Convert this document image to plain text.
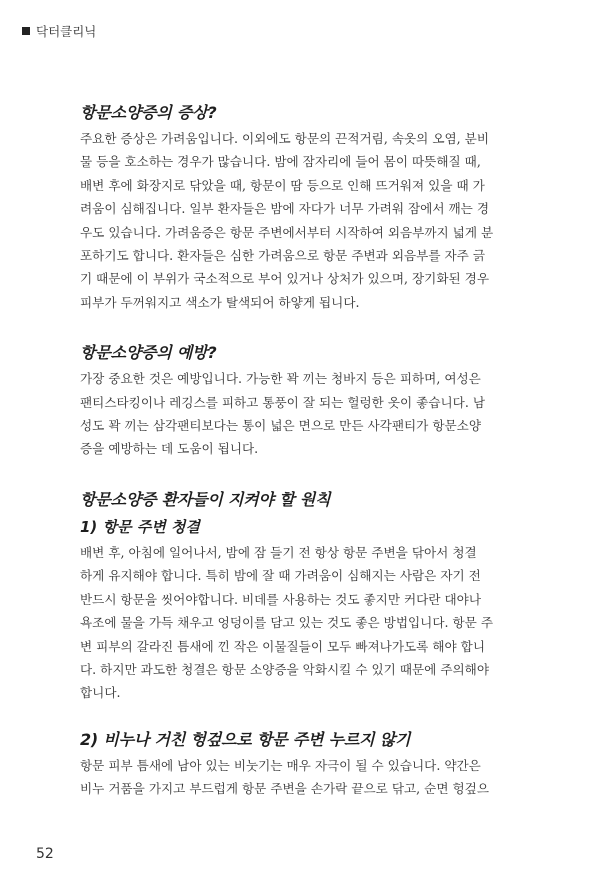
닥터클리닉
항문소양증의 증상?
주요한 증상은 가려움입니다. 이외에도 항문의 끈적거림, 속옷의 오염, 분비
물 등을 호소하는 경우가 많습니다. 밤에 잠자리에 들어 몸이 따뜻해질 때,
배변 후에 화장지로 닦았을 때, 항문이 땀 등으로 인해 뜨거워져 있을 때 가
려움이 심해집니다. 일부 환자들은 밤에 자다가 너무 가려워 잠에서 깨는 경
우도 있습니다. 가려움증은 항문 주변에서부터 시작하여 외음부까지 넓게 분
포하기도 합니다. 환자들은 심한 가려움으로 항문 주변과 외음부를 자주 긁
기 때문에 이 부위가 국소적으로 부어 있거나 상처가 있으며, 장기화된 경우
피부가 두꺼워지고 색소가 탈색되어 하얗게 됩니다.
항문소양증의 예방?
가장 중요한 것은 예방입니다. 가능한 꽉 끼는 청바지 등은 피하며, 여성은
팬티스타킹이나 레깅스를 피하고 통풍이 잘 되는 헐렁한 옷이 좋습니다. 남
성도 꽉 끼는 삼각팬티보다는 통이 넓은 면으로 만든 사각팬티가 항문소양
증을 예방하는 데 도움이 됩니다.
항문소양증 환자들이 지켜야 할 원칙
1) 항문 주변 청결
배변 후, 아침에 일어나서, 밤에 잠 들기 전 항상 항문 주변을 닦아서 청결
하게 유지해야 합니다. 특히 밤에 잘 때 가려움이 심해지는 사람은 자기 전
반드시 항문을 씻어야합니다. 비데를 사용하는 것도 좋지만 커다란 대야나
욕조에 물을 가득 채우고 엉덩이를 담고 있는 것도 좋은 방법입니다. 항문 주
변 피부의 갈라진 틈새에 낀 작은 이물질들이 모두 빠져나가도록 해야 합니
다. 하지만 과도한 청결은 항문 소양증을 악화시킬 수 있기 때문에 주의해야
합니다.
2) 비누나 거친 헝겊으로 항문 주변 누르지 않기
항문 피부 틈새에 남아 있는 비눗기는 매우 자극이 될 수 있습니다. 약간은
비누 거품을 가지고 부드럽게 항문 주변을 손가락 끝으로 닦고, 순면 헝겊으
52
